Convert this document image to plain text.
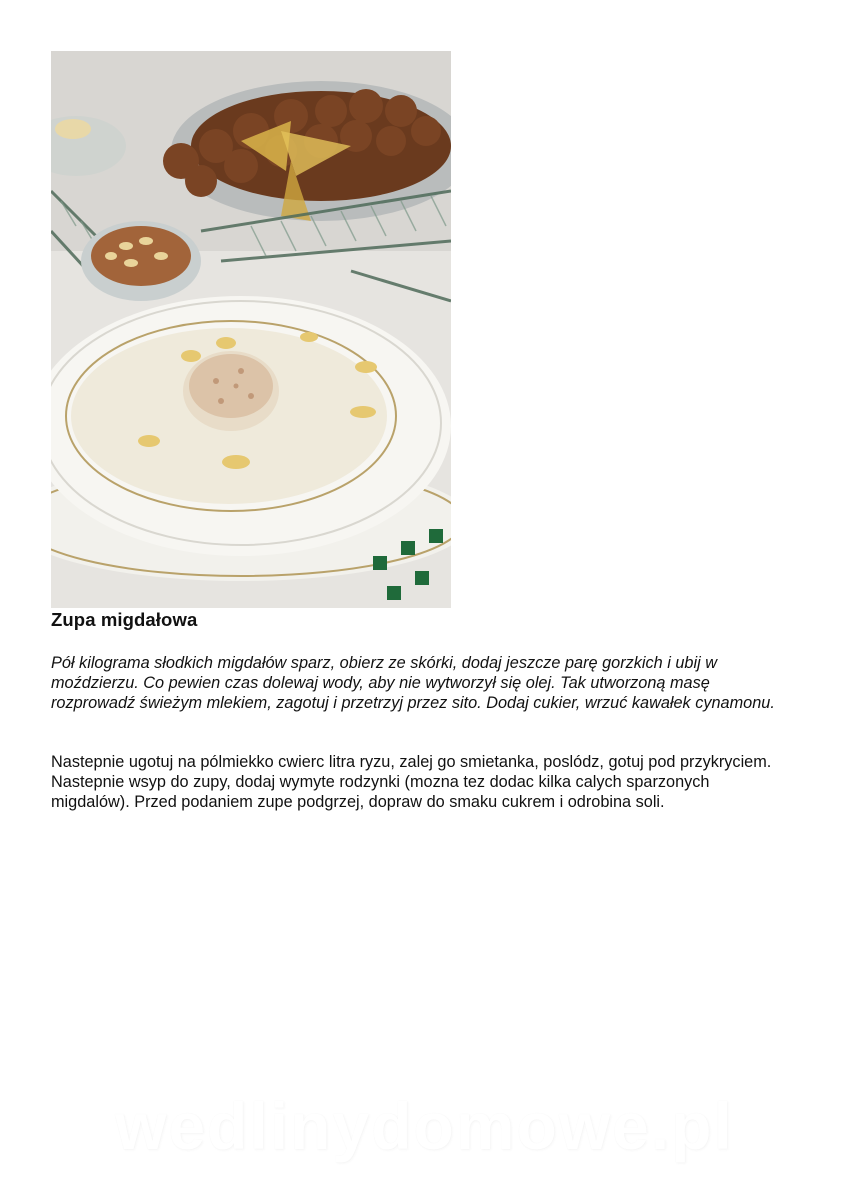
Zupa migdałowa

Pół kilograma słodkich migdałów sparz, obierz ze skórki, dodaj jeszcze parę gorzkich i ubij w moździerzu. Co pewien czas dolewaj wody, aby nie wytworzył się olej. Tak utworzoną masę rozprowadź świeżym mlekiem, zagotuj i przetrzyj przez sito. Dodaj cukier, wrzuć kawałek cynamonu.

Nastepnie ugotuj na pólmiekko cwierc litra ryzu, zalej go smietanka, poslódz, gotuj pod przykryciem. Nastepnie wsyp do zupy, dodaj wymyte rodzynki (mozna tez dodac kilka calych sparzonych migdalów). Przed podaniem zupe podgrzej, dopraw do smaku cukrem i odrobina soli.

wedlinydomowe.pl
